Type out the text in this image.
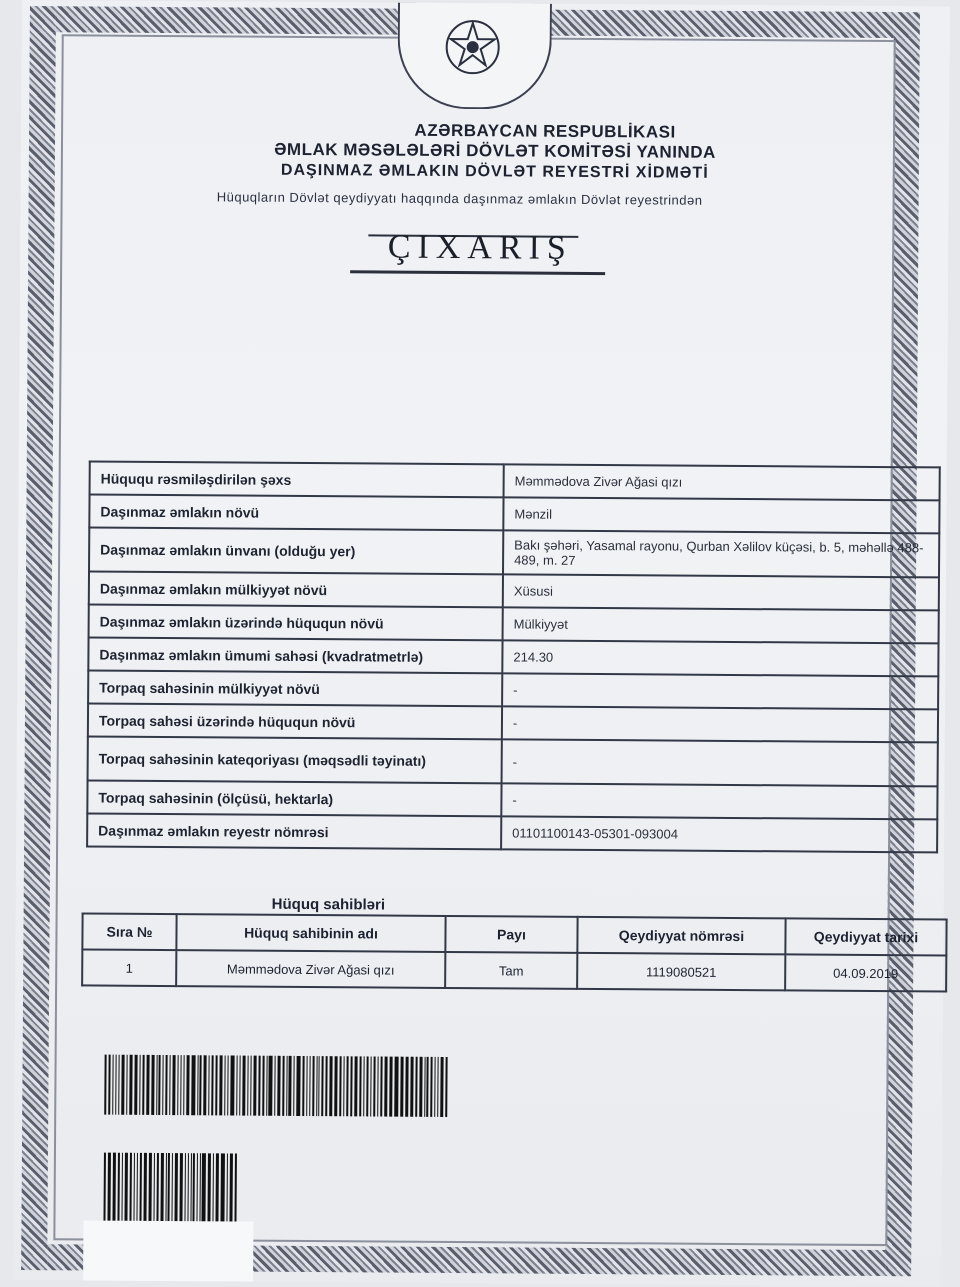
AZƏRBAYCAN RESPUBLİKASI
ƏMLAK MƏSƏLƏLƏRİ DÖVLƏT KOMİTƏSİ YANINDA
DAŞINMAZ ƏMLAKIN DÖVLƏT REYESTRİ XİDMƏTİ
Hüquqların Dövlət qeydiyyatı haqqında daşınmaz əmlakın Dövlət reyestrindən
ÇIXARIŞ
Hüququ rəsmiləşdirilən şəxs	Məmmədova Zivər Ağasi qızı
Daşınmaz əmlakın növü	Mənzil
Daşınmaz əmlakın ünvanı (olduğu yer)	Bakı şəhəri, Yasamal rayonu, Qurban Xəlilov küçəsi, b. 5, məhəllə 488-489, m. 27
Daşınmaz əmlakın mülkiyyət növü	Xüsusi
Daşınmaz əmlakın üzərində hüququn növü	Mülkiyyət
Daşınmaz əmlakın ümumi sahəsi (kvadratmetrlə)	214.30
Torpaq sahəsinin mülkiyyət növü	-
Torpaq sahəsi üzərində hüququn növü	-
Torpaq sahəsinin kateqoriyası (məqsədli təyinatı)	-
Torpaq sahəsinin (ölçüsü, hektarla)	-
Daşınmaz əmlakın reyestr nömrəsi	01101100143-05301-093004
Hüquq sahibləri
Sıra №	Hüquq sahibinin adı	Payı	Qeydiyyat nömrəsi	Qeydiyyat tarixi
1	Məmmədova Zivər Ağasi qızı	Tam	1119080521	04.09.2019
